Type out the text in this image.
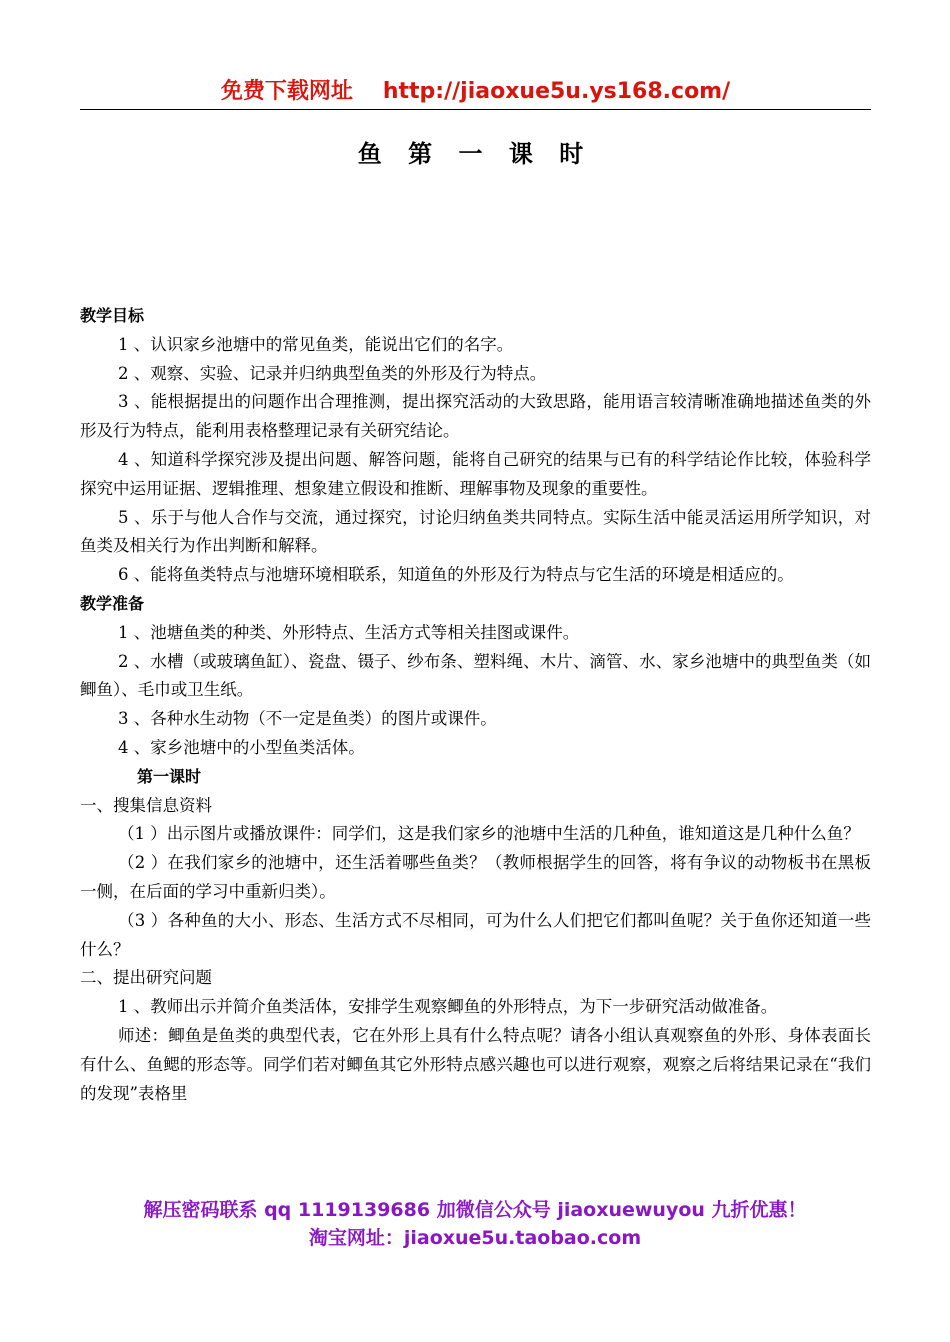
免费下载网址 http://jiaoxue5u.ys168.com/
鱼 第 一 课 时

教学目标

1 、认识家乡池塘中的常见鱼类，能说出它们的名字。

2 、观察、实验、记录并归纳典型鱼类的外形及行为特点。

3 、能根据提出的问题作出合理推测，提出探究活动的大致思路，能用语言较清晰准确地描述鱼类的外形及行为特点，能利用表格整理记录有关研究结论。

4 、知道科学探究涉及提出问题、解答问题，能将自己研究的结果与已有的科学结论作比较，体验科学探究中运用证据、逻辑推理、想象建立假设和推断、理解事物及现象的重要性。

5 、乐于与他人合作与交流，通过探究，讨论归纳鱼类共同特点。实际生活中能灵活运用所学知识，对鱼类及相关行为作出判断和解释。

6 、能将鱼类特点与池塘环境相联系，知道鱼的外形及行为特点与它生活的环境是相适应的。

教学准备

1 、池塘鱼类的种类、外形特点、生活方式等相关挂图或课件。

2 、水槽（或玻璃鱼缸）、瓷盘、镊子、纱布条、塑料绳、木片、滴管、水、家乡池塘中的典型鱼类（如鲫鱼）、毛巾或卫生纸。

3 、各种水生动物（不一定是鱼类）的图片或课件。

4 、家乡池塘中的小型鱼类活体。

第一课时

一、搜集信息资料

（1 ）出示图片或播放课件：同学们，这是我们家乡的池塘中生活的几种鱼，谁知道这是几种什么鱼？

（2 ）在我们家乡的池塘中，还生活着哪些鱼类？（教师根据学生的回答，将有争议的动物板书在黑板一侧，在后面的学习中重新归类）。

（3 ）各种鱼的大小、形态、生活方式不尽相同，可为什么人们把它们都叫鱼呢？关于鱼你还知道一些什么？

二、提出研究问题

1 、教师出示并简介鱼类活体，安排学生观察鲫鱼的外形特点，为下一步研究活动做准备。

师述：鲫鱼是鱼类的典型代表，它在外形上具有什么特点呢？请各小组认真观察鱼的外形、身体表面长有什么、鱼鳃的形态等。同学们若对鲫鱼其它外形特点感兴趣也可以进行观察，观察之后将结果记录在“我们的发现”表格里

解压密码联系 qq 1119139686 加微信公众号 jiaoxuewuyou 九折优惠！
淘宝网址：jiaoxue5u.taobao.com
